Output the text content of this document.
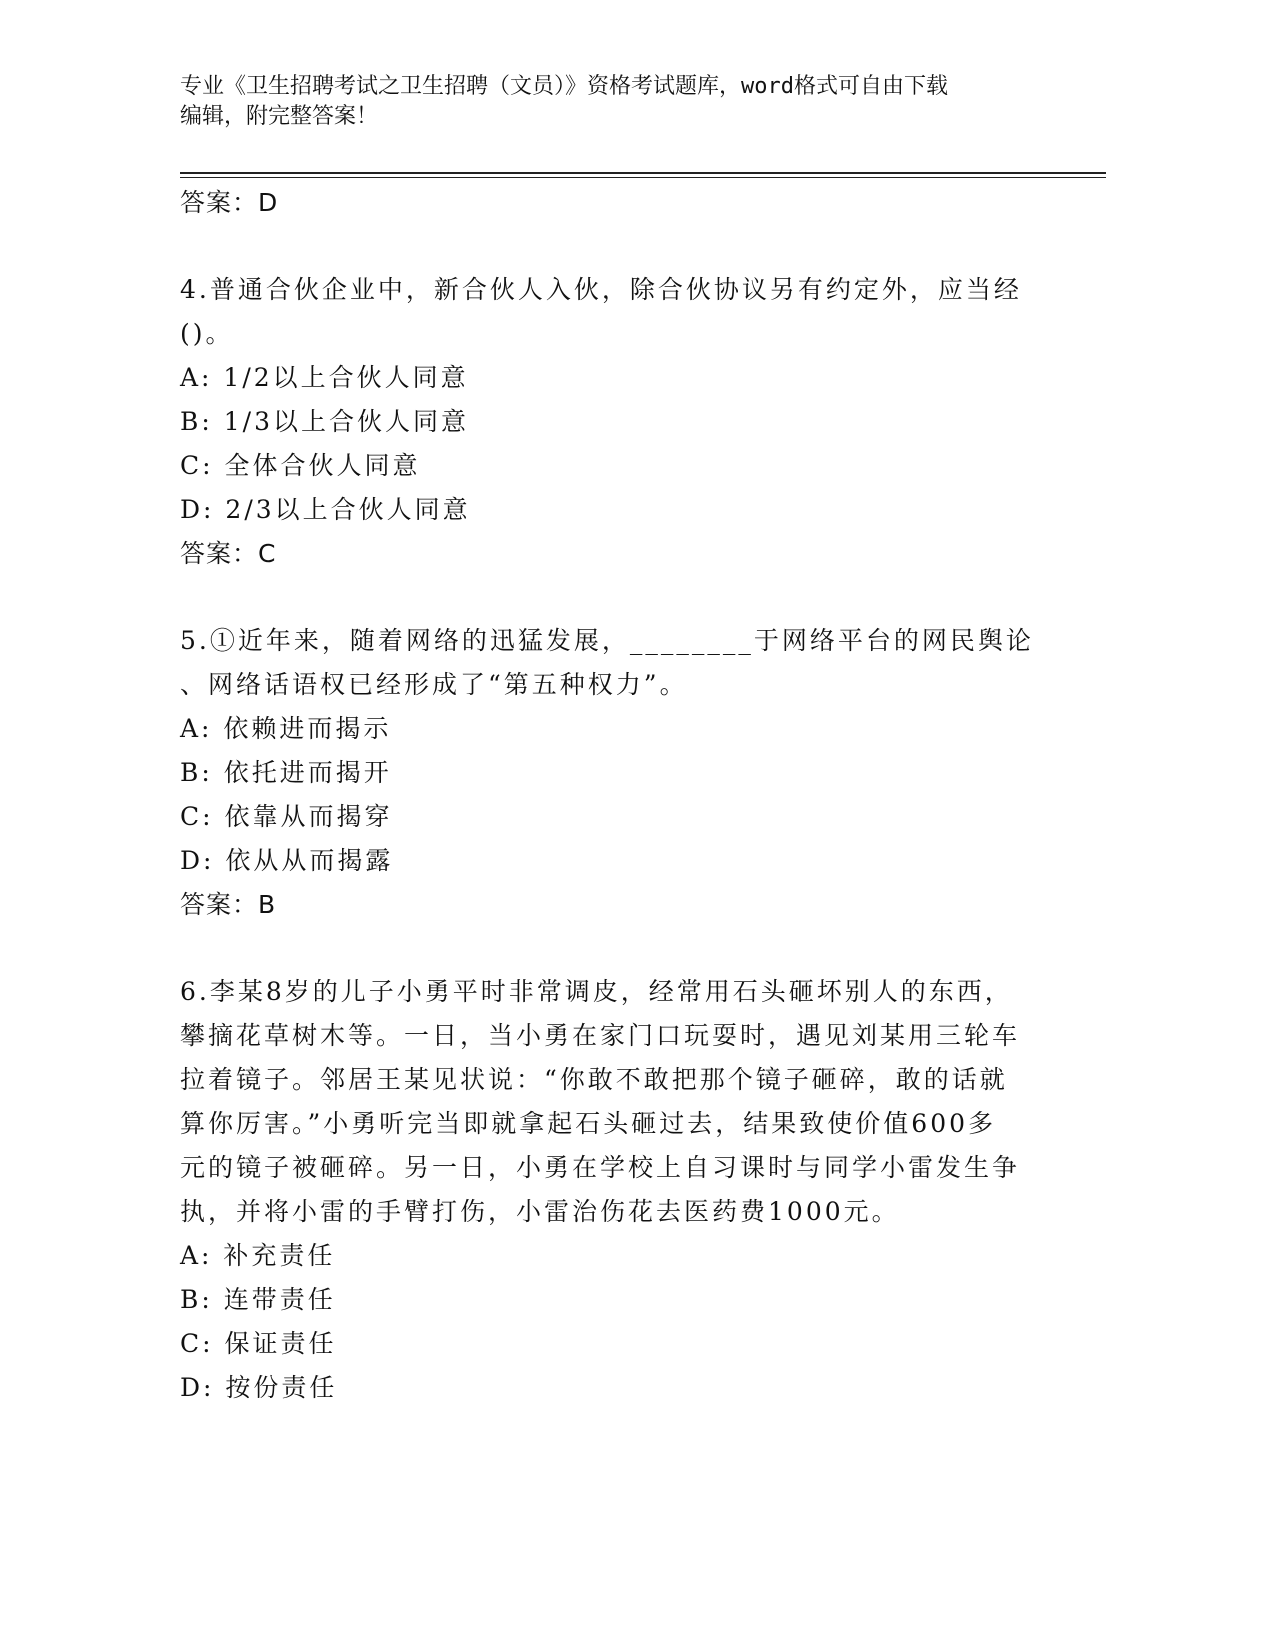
专业《卫生招聘考试之卫生招聘（文员）》资格考试题库，word格式可自由下载
编辑，附完整答案！
答案：D
4.普通合伙企业中，新合伙人入伙，除合伙协议另有约定外，应当经
()。
A: 1/2以上合伙人同意
B: 1/3以上合伙人同意
C: 全体合伙人同意
D: 2/3以上合伙人同意
答案：C
5.①近年来，随着网络的迅猛发展，________于网络平台的网民舆论
、网络话语权已经形成了“第五种权力”。
A: 依赖进而揭示
B: 依托进而揭开
C: 依靠从而揭穿
D: 依从从而揭露
答案：B
6.李某8岁的儿子小勇平时非常调皮，经常用石头砸坏别人的东西，
攀摘花草树木等。一日，当小勇在家门口玩耍时，遇见刘某用三轮车
拉着镜子。邻居王某见状说：“你敢不敢把那个镜子砸碎，敢的话就
算你厉害。”小勇听完当即就拿起石头砸过去，结果致使价值600多
元的镜子被砸碎。另一日，小勇在学校上自习课时与同学小雷发生争
执，并将小雷的手臂打伤，小雷治伤花去医药费1000元。
A: 补充责任
B: 连带责任
C: 保证责任
D: 按份责任
